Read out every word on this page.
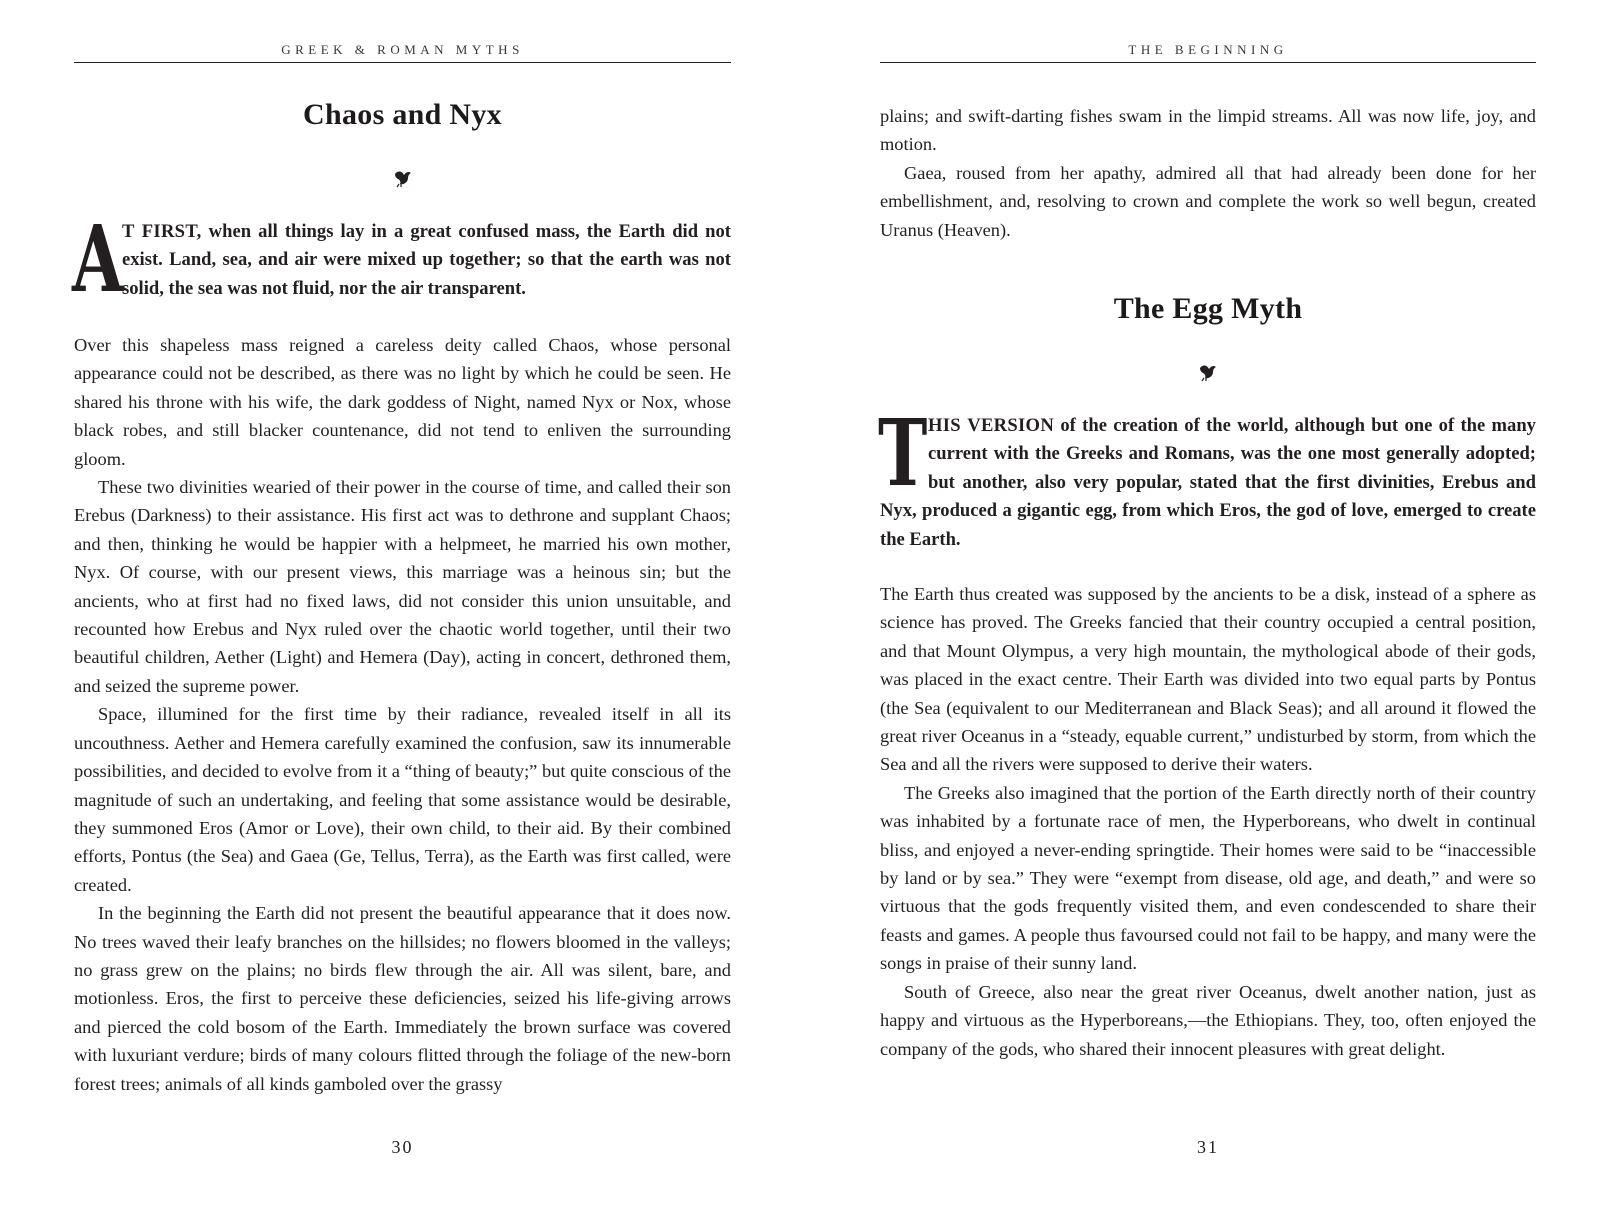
GREEK & ROMAN MYTHS
Chaos and Nyx

A
T FIRST, when all things lay in a great confused mass, the Earth did not exist. Land, sea, and air were mixed up together; so that the earth was not solid, the sea was not fluid, nor the air transparent.

Over this shapeless mass reigned a careless deity called Chaos, whose personal appearance could not be described, as there was no light by which he could be seen. He shared his throne with his wife, the dark goddess of Night, named Nyx or Nox, whose black robes, and still blacker countenance, did not tend to enliven the surrounding gloom.

These two divinities wearied of their power in the course of time, and called their son Erebus (Darkness) to their assistance. His first act was to dethrone and supplant Chaos; and then, thinking he would be happier with a helpmeet, he married his own mother, Nyx. Of course, with our present views, this marriage was a heinous sin; but the ancients, who at first had no fixed laws, did not consider this union unsuitable, and recounted how Erebus and Nyx ruled over the chaotic world together, until their two beautiful children, Aether (Light) and Hemera (Day), acting in concert, dethroned them, and seized the supreme power.

Space, illumined for the first time by their radiance, revealed itself in all its uncouthness. Aether and Hemera carefully examined the confusion, saw its innumerable possibilities, and decided to evolve from it a “thing of beauty;” but quite conscious of the magnitude of such an undertaking, and feeling that some assistance would be desirable, they summoned Eros (Amor or Love), their own child, to their aid. By their combined efforts, Pontus (the Sea) and Gaea (Ge, Tellus, Terra), as the Earth was first called, were created.

In the beginning the Earth did not present the beautiful appearance that it does now. No trees waved their leafy branches on the hillsides; no flowers bloomed in the valleys; no grass grew on the plains; no birds flew through the air. All was silent, bare, and motionless. Eros, the first to perceive these deficiencies, seized his life-giving arrows and pierced the cold bosom of the Earth. Immediately the brown surface was covered with luxuriant verdure; birds of many colours flitted through the foliage of the new-born forest trees; animals of all kinds gamboled over the grassy

30
THE BEGINNING

plains; and swift-darting fishes swam in the limpid streams. All was now life, joy, and motion.

Gaea, roused from her apathy, admired all that had already been done for her embellishment, and, resolving to crown and complete the work so well begun, created Uranus (Heaven).

The Egg Myth

THIS VERSION of the creation of the world, although but one of the many current with the Greeks and Romans, was the one most generally adopted; but another, also very popular, stated that the first divinities, Erebus and Nyx, produced a gigantic egg, from which Eros, the god of love, emerged to create the Earth.

The Earth thus created was supposed by the ancients to be a disk, instead of a sphere as science has proved. The Greeks fancied that their country occupied a central position, and that Mount Olympus, a very high mountain, the mythological abode of their gods, was placed in the exact centre. Their Earth was divided into two equal parts by Pontus (the Sea (equivalent to our Mediterranean and Black Seas); and all around it flowed the great river Oceanus in a “steady, equable current,” undisturbed by storm, from which the Sea and all the rivers were supposed to derive their waters.

The Greeks also imagined that the portion of the Earth directly north of their country was inhabited by a fortunate race of men, the Hyperboreans, who dwelt in continual bliss, and enjoyed a never-ending springtide. Their homes were said to be “inaccessible by land or by sea.” They were “exempt from disease, old age, and death,” and were so virtuous that the gods frequently visited them, and even condescended to share their feasts and games. A people thus favoursed could not fail to be happy, and many were the songs in praise of their sunny land.

South of Greece, also near the great river Oceanus, dwelt another nation, just as happy and virtuous as the Hyperboreans,—the Ethiopians. They, too, often enjoyed the company of the gods, who shared their innocent pleasures with great delight.

31
